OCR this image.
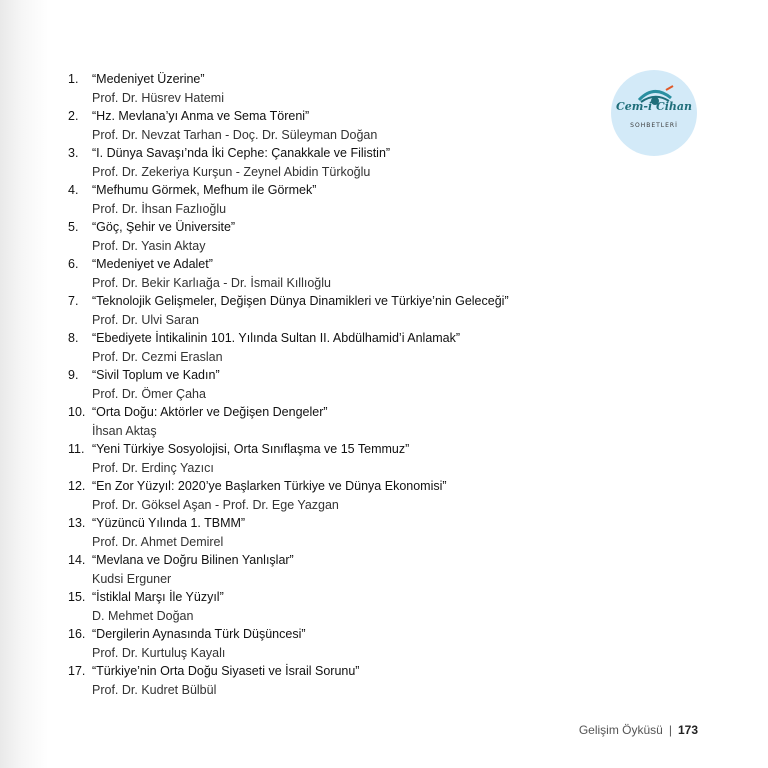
Cem-i Cihan
SOHBETLERİ
1. “Medeniyet Üzerine”
Prof. Dr. Hüsrev Hatemi
2. “Hz. Mevlana’yı Anma ve Sema Töreni”
Prof. Dr. Nevzat Tarhan - Doç. Dr. Süleyman Doğan
3. “I. Dünya Savaşı’nda İki Cephe: Çanakkale ve Filistin”
Prof. Dr. Zekeriya Kurşun - Zeynel Abidin Türkoğlu
4. “Mefhumu Görmek, Mefhum ile Görmek”
Prof. Dr. İhsan Fazlıoğlu
5. “Göç, Şehir ve Üniversite”
Prof. Dr. Yasin Aktay
6. “Medeniyet ve Adalet”
Prof. Dr. Bekir Karlıağa - Dr. İsmail Kıllıoğlu
7. “Teknolojik Gelişmeler, Değişen Dünya Dinamikleri ve Türkiye’nin Geleceği”
Prof. Dr. Ulvi Saran
8. “Ebediyete İntikalinin 101. Yılında Sultan II. Abdülhamid’i Anlamak”
Prof. Dr. Cezmi Eraslan
9. “Sivil Toplum ve Kadın”
Prof. Dr. Ömer Çaha
10. “Orta Doğu: Aktörler ve Değişen Dengeler”
İhsan Aktaş
11. “Yeni Türkiye Sosyolojisi, Orta Sınıflaşma ve 15 Temmuz”
Prof. Dr. Erdinç Yazıcı
12. “En Zor Yüzyıl: 2020’ye Başlarken Türkiye ve Dünya Ekonomisi”
Prof. Dr. Göksel Aşan - Prof. Dr. Ege Yazgan
13. “Yüzüncü Yılında 1. TBMM”
Prof. Dr. Ahmet Demirel
14. “Mevlana ve Doğru Bilinen Yanlışlar”
Kudsi Erguner
15. “İstiklal Marşı İle Yüzyıl”
D. Mehmet Doğan
16. “Dergilerin Aynasında Türk Düşüncesi”
Prof. Dr. Kurtuluş Kayalı
17. “Türkiye’nin Orta Doğu Siyaseti ve İsrail Sorunu”
Prof. Dr. Kudret Bülbül
Gelişim Öyküsü | 173
